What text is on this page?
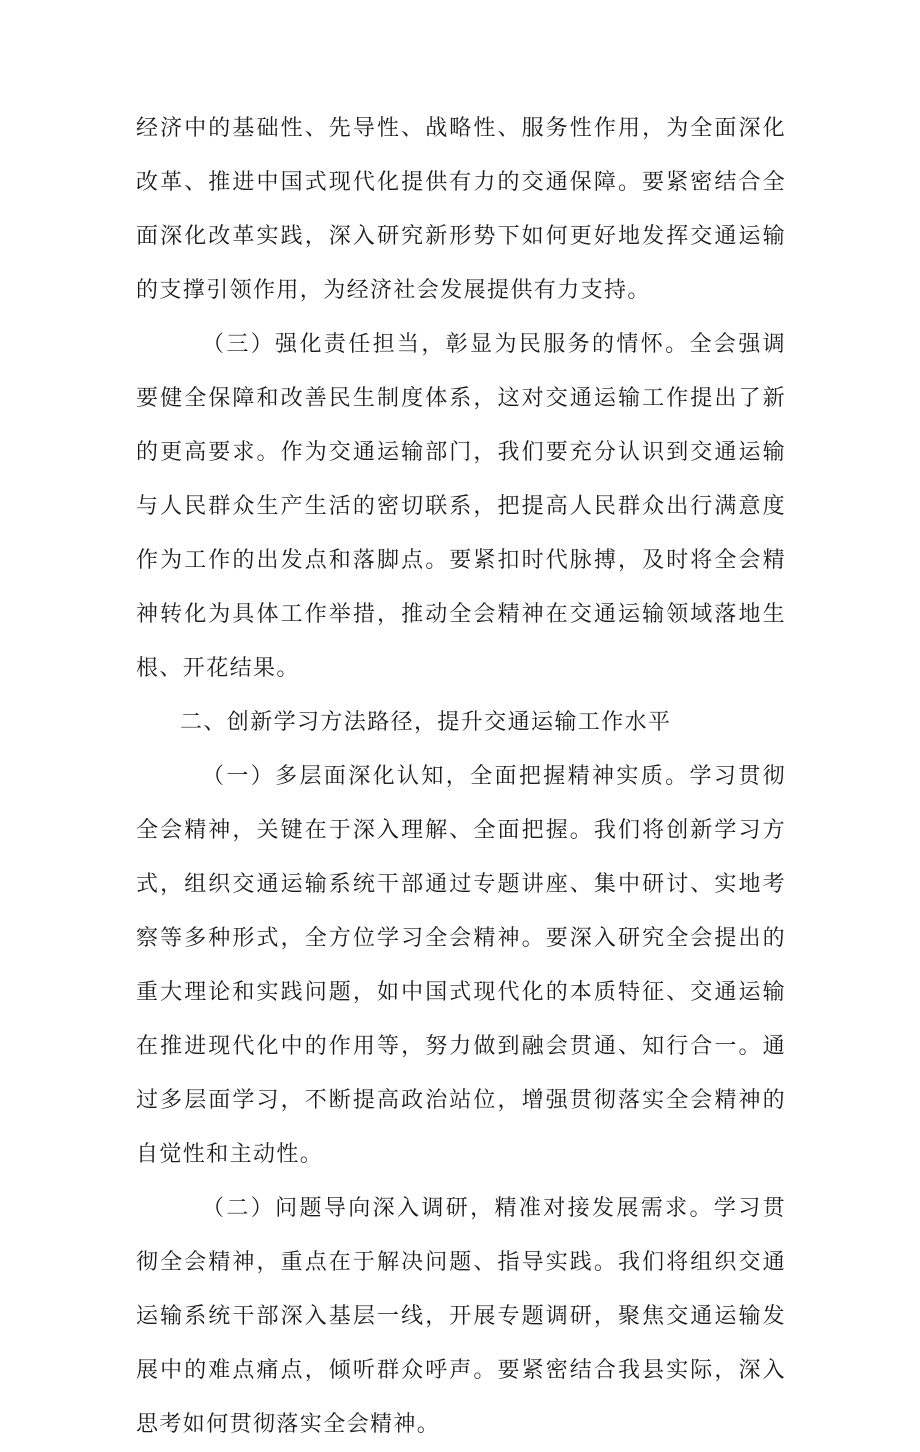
经济中的基础性、先导性、战略性、服务性作用，为全面深化改革、推进中国式现代化提供有力的交通保障。要紧密结合全面深化改革实践，深入研究新形势下如何更好地发挥交通运输的支撑引领作用，为经济社会发展提供有力支持。

（三）强化责任担当，彰显为民服务的情怀。全会强调要健全保障和改善民生制度体系，这对交通运输工作提出了新的更高要求。作为交通运输部门，我们要充分认识到交通运输与人民群众生产生活的密切联系，把提高人民群众出行满意度作为工作的出发点和落脚点。要紧扣时代脉搏，及时将全会精神转化为具体工作举措，推动全会精神在交通运输领域落地生根、开花结果。

二、创新学习方法路径，提升交通运输工作水平

（一）多层面深化认知，全面把握精神实质。学习贯彻全会精神，关键在于深入理解、全面把握。我们将创新学习方式，组织交通运输系统干部通过专题讲座、集中研讨、实地考察等多种形式，全方位学习全会精神。要深入研究全会提出的重大理论和实践问题，如中国式现代化的本质特征、交通运输在推进现代化中的作用等，努力做到融会贯通、知行合一。通过多层面学习，不断提高政治站位，增强贯彻落实全会精神的自觉性和主动性。

（二）问题导向深入调研，精准对接发展需求。学习贯彻全会精神，重点在于解决问题、指导实践。我们将组织交通运输系统干部深入基层一线，开展专题调研，聚焦交通运输发展中的难点痛点，倾听群众呼声。要紧密结合我县实际，深入思考如何贯彻落实全会精神。
